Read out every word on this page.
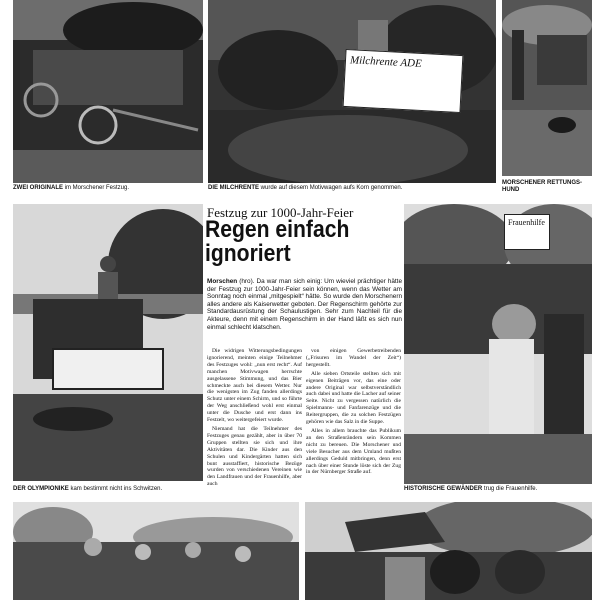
ZWEI ORIGINALE im Morschener Festzug.
Milchrente ADE
DIE MILCHRENTE wurde auf diesem Motivwagen aufs Korn genommen.
MORSCHENER RETTUNGS-HUND
DER OLYMPIONIKE kam bestimmt nicht ins Schwitzen.
Festzug zur 1000-Jahr-Feier
Regen einfach
ignoriert
Morschen (hro). Da war man sich einig: Um wieviel prächtiger hätte der Festzug zur 1000-Jahr-Feier sein können, wenn das Wetter am Sonntag noch einmal „mitgespielt“ hätte. So wurde den Morschenern alles andere als Kaiserwetter geboten. Der Regenschirm gehörte zur Standardausrüstung der Schaulustigen. Sehr zum Nachteil für die Akteure, denn mit einem Regenschirm in der Hand läßt es sich nun einmal schlecht klatschen.

Die widrigen Witterungsbedingungen ignorierend, meinten einige Teilnehmer des Festzuges wohl: „nun erst recht“. Auf manchen Motivwagen herrschte ausgelassene Stimmung, und das Bier schmeckte auch bei diesem Wetter. Nur die wenigsten im Zug fanden allerdings Schutz unter einem Schirm, und so führte der Weg anschließend wohl erst einmal unter die Dusche und erst dann ins Festzelt, wo weitergefeiert wurde.

Niemand hat die Teilnehmer des Festzuges genau gezählt, aber in über 70 Gruppen stellten sie sich und ihre Aktivitäten dar. Die Kinder aus den Schulen und Kindergärten hatten sich bunt ausstaffiert, historische Bezüge wurden von verschiedenen Vereinen wie den Landfrauen und der Frauenhilfe, aber auch

von einigen Gewerbetreibenden („Frisuren im Wandel der Zeit“) hergestellt.

Alle sieben Ortsteile stellten sich mit eigenen Beiträgen vor, das eine oder andere Original war selbstverständlich auch dabei und hatte die Lacher auf seiner Seite. Nicht zu vergessen natürlich die Spielmanns- und Fanfarenzüge und die Reitergruppen, die zu solchen Festzügen gehören wie das Salz in die Suppe.

Alles in allem brauchte das Publikum an den Straßenrändern sein Kommen nicht zu bereuen. Die Morschener und viele Besucher aus dem Umland mußten allerdings Geduld mitbringen, denn erst nach über einer Stunde löste sich der Zug in der Nürnberger Straße auf.

Frauenhilfe
HISTORISCHE GEWÄNDER trug die Frauenhilfe.
